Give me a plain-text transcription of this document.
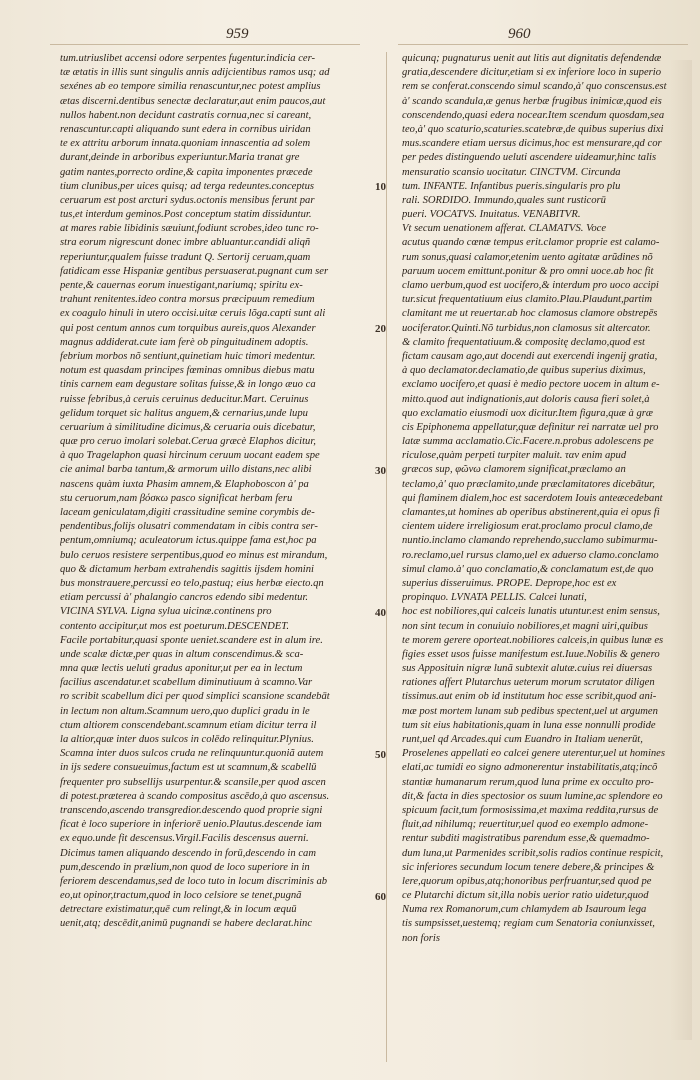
959	960
tum.utriuslibet accensi odore serpentes fugentur.indicia cer-
tæ ætatis in illis sunt singulis annis adijcientibus ramos usq; ad
sexénes ab eo tempore similia renascuntur,nec potest amplius
ætas discerni.dentibus senectæ declaratur,aut enim paucos,aut
nullos habent.non decidunt castratis cornua,nec si careant,
renascuntur.capti aliquando sunt edera in cornibus uiridan
te ex attritu arborum innata.quoniam innascentia ad solem
durant,deinde in arboribus experiuntur.Maria tranat gre
gatim nantes,porrecto ordine,& capita imponentes præcede
tium clunibus,per uices quisq; ad terga redeuntes.conceptus
ceruarum est post arcturi sydus.octonis mensibus ferunt par
tus,et interdum geminos.Post conceptum statim dissiduntur.
at mares rabie libidinis sæuiunt,fodiunt scrobes,ideo tunc ro-
stra eorum nigrescunt donec imbre abluantur.candidi aliqñ
reperiuntur,qualem fuisse tradunt Q. Sertorij ceruam,quam
fatidicam esse Hispaniæ gentibus persuaserat.pugnant cum ser
pente,& cauernas eorum inuestigant,nariumq; spiritu ex-
trahunt renitentes.ideo contra morsus præcipuum remedium
ex coagulo hinuli in utero occisi.uitæ ceruis lõga.capti sunt ali
qui post centum annos cum torquibus aureis,quos Alexander
magnus addiderat.cute iam ferè ob pinguitudinem adoptis.
febrium morbos nõ sentiunt,quinetiam huic timori medentur.
notum est quasdam principes fœminas omnibus diebus matu
tinis carnem eam degustare solitas fuisse,& in longo æuo ca
ruisse febribus,à ceruis ceruinus deducitur.Mart. Ceruinus
gelidum torquet sic halitus anguem,& cernarius,unde lupu
ceruarium à similitudine dicimus,& ceruaria ouis dicebatur,
quæ pro ceruo imolari solebat.Cerua græcè Elaphos dicitur,
à quo Tragelaphon quasi hircinum ceruum uocant eadem spe
cie animal barba tantum,& armorum uillo distans,nec alibi
nascens quàm iuxta Phasim amnem,& Elaphoboscon à' pa
stu ceruorum,nam βόσκω pasco significat herbam feru
laceam geniculatam,digiti crassitudine semine corymbis de-
pendentibus,folijs olusatri commendatam in cibis contra ser-
pentum,omniumq; aculeatorum ictus.quippe fama est,hoc pa
bulo ceruos resistere serpentibus,quod eo minus est mirandum,
quo & dictamum herbam extrahendis sagittis ijsdem homini
bus monstrauere,percussi eo telo,pastuq; eius herbæ eiecto.qn
etiam percussi à' phalangio cancros edendo sibi medentur.
VICINA SYLVA. Ligna sylua uicinæ.continens pro
contento accipitur,ut mos est poeturum.DESCENDET.
Facile portabitur,quasi sponte ueniet.scandere est in alum ire.
unde scalæ dictæ,per quas in altum conscendimus.& sca-
mna quæ lectis ueluti gradus aponitur,ut per ea in lectum
facilius ascendatur.et scabellum diminutiuum à scamno.Var
ro scribit scabellum dici per quod simplici scansione scandebāt
in lectum non altum.Scamnum uero,quo duplici gradu in le
ctum altiorem conscendebant.scamnum etiam dicitur terra il
la altior,quæ inter duos sulcos in colēdo relinquitur.Plynius.
Scamna inter duos sulcos cruda ne relinquuntur.quoniã autem
in ijs sedere consueuimus,factum est ut scamnum,& scabellū
frequenter pro subsellijs usurpentur.& scansile,per quod ascen
di potest.præterea à scando compositus ascēdo,à quo ascensus.
transcendo,ascendo transgredior.descendo quod proprie signi
ficat è loco superiore in inferiorē uenio.Plautus.descende iam
ex equo.unde fit descensus.Virgil.Facilis descensus auerni.
Dicimus tamen aliquando descendo in forū,descendo in cam
pum,descendo in prælium,non quod de loco superiore in in
feriorem descendamus,sed de loco tuto in locum discriminis ab
eo,ut opinor,tractum,quod in loco celsiore se tenet,pugnã
detrectare existimatur,quē cum relingt,& in locum æquū
uenit,atq; descēdit,animū pugnandi se habere declarat.hinc
quicunq; pugnaturus uenit aut litis aut dignitatis defendendæ
gratia,descendere dicitur,etiam si ex inferiore loco in superio
rem se conferat.conscendo simul scando,à' quo conscensus.est
à' scando scandula,æ genus herbæ frugibus inimicæ,quod eis
conscendendo,quasi edera nocear.Item scendum quosdam,sea
teo,à' quo scaturio,scaturies.scatebræ,de quibus superius dixi
mus.scandere etiam uersus dicimus,hoc est mensurare,qd cor
per pedes distinguendo ueluti ascendere uideamur,hinc talis
mensuratio scansio uocitatur. CINCTVM. Circunda
tum. INFANTE. Infantibus pueris.singularis pro plu
rali. SORDIDO. Immundo,quales sunt rusticorū
pueri. VOCATVS. Inuitatus. VENABITVR.
Vt secum uenationem afferat. CLAMATVS. Voce
acutus quando cœnæ tempus erit.clamor proprie est calamo-
rum sonus,quasi calamor,etenim uento agitatæ arũdines nõ
paruum uocem emittunt.ponitur & pro omni uoce.ab hoc fit
clamo uerbum,quod est uocifero,& interdum pro uoco accipi
tur.sicut frequentatiuum eius clamito.Plau.Plaudunt,partim
clamitant me ut reuertar.ab hoc clamosus clamore obstrepēs
uociferator.Quinti.Nõ turbidus,non clamosus sit altercator.
& clamito frequentatiuum.& compositę declamo,quod est
fictam causam ago,aut docendi aut exercendi ingenij gratia,
à quo declamator.declamatio,de quibus superius diximus,
exclamo uocifero,et quasi è medio pectore uocem in altum e-
mitto.quod aut indignationis,aut doloris causa fieri solet,à
quo exclamatio eiusmodi uox dicitur.Item figura,quæ à græ
cis Epiphonema appellatur,quæ definitur rei narratæ uel pro
latæ summa acclamatio.Cic.Facere.n.probus adolescens pe
riculose,quàm perpeti turpiter maluit. ταν enim apud
græcos sup, φῶνω clamorem significat,præclamo an
teclamo,à' quo præclamito,unde præclamitatores dicebātur,
qui flaminem dialem,hoc est sacerdotem Iouis anteæcedebant
clamantes,ut homines ab operibus abstinerent,quia ei opus fi
cientem uidere irreligiosum erat.proclamo procul clamo,de
nuntio.inclamo clamando reprehendo,succlamo subimurmu-
ro.reclamo,uel rursus clamo,uel ex aduerso clamo.conclamo
simul clamo.à' quo conclamatio,& conclamatum est,de quo
superius disseruimus. PROPE. Deprope,hoc est ex
propinquo. LVNATA PELLIS. Calcei lunati,
hoc est nobiliores,qui calceis lunatis utuntur.est enim sensus,
non sint tecum in conuiuio nobiliores,et magni uiri,quibus
te morem gerere oporteat.nobiliores calceis,in quibus lunæ es
figies esset usos fuisse manifestum est.Iuue.Nobilis & genero
sus Apposituin nigræ lunã subtexit alutæ.cuius rei diuersas
rationes affert Plutarchus ueterum morum scrutator diligen
tissimus.aut enim ob id institutum hoc esse scribit,quod ani-
mæ post mortem lunam sub pedibus spectent,uel ut argumen
tum sit eius habitationis,quam in luna esse nonnulli prodide
runt,uel qd Arcades.qui cum Euandro in Italiam uenerūt,
Proselenes appellati eo calcei genere uterentur,uel ut homines
elati,ac tumidi eo signo admonerentur instabilitatis,atq;incõ
stantiæ humanarum rerum,quod luna prime ex occulto pro-
dit,& facta in dies spectosior os suum lumine,ac splendore eo
spicuum facit,tum formosissima,et maxima reddita,rursus de
fluit,ad nihilumq; reuertitur,uel quod eo exemplo admone-
rentur subditi magistratibus parendum esse,& quemadmo-
dum luna,ut Parmenides scribit,solis radios continue respicit,
sic inferiores secundum locum tenere debere,& principes &
lere,quorum opibus,atq;honoribus perfruantur,sed quod pe
ce Plutarchi dictum sit,illa nobis uerior ratio uidetur,quod
Numa rex Romanorum,cum chlamydem ab Isauroum lega
tis sumpsisset,uestemq; regiam cum Senatoria coniunxisset,
non foris
10
20
30
40
50
60
